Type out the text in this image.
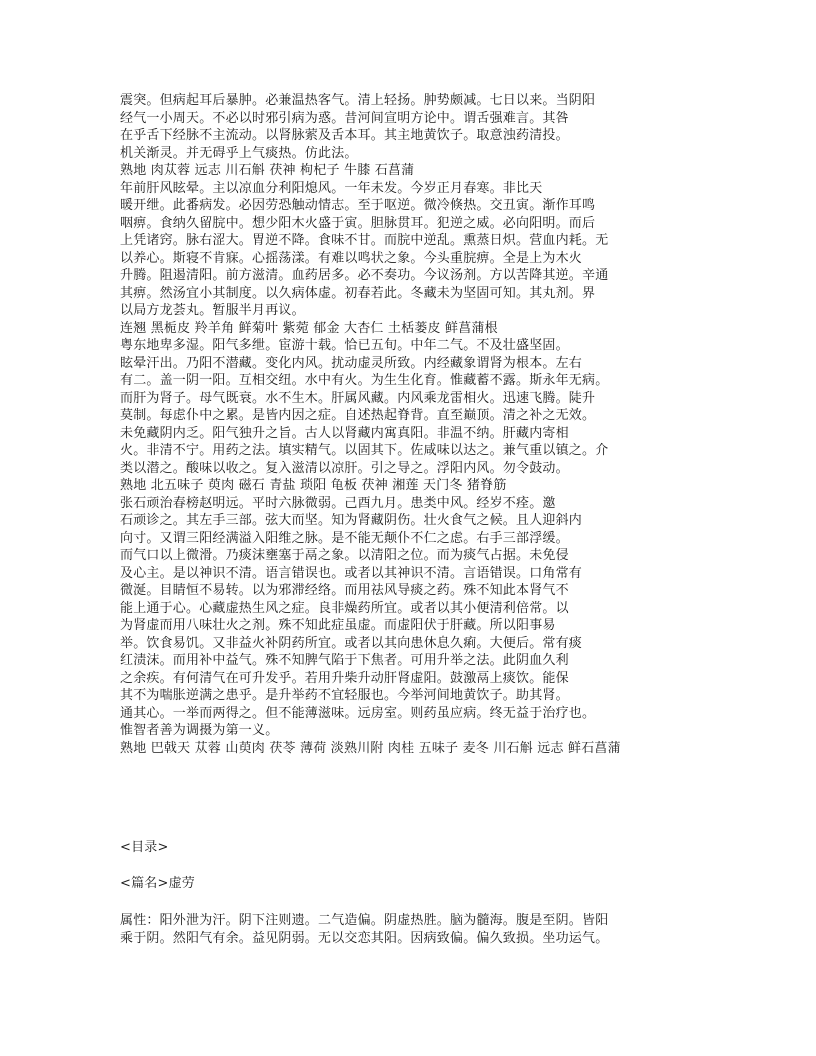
震突。但病起耳后暴肿。必兼温热客气。清上轻扬。肿势颇减。七日以来。当阴阳
经气一小周天。不必以时邪引病为惑。昔河间宣明方论中。谓舌强难言。其咎
在乎舌下经脉不主流动。以肾脉萦及舌本耳。其主地黄饮子。取意浊药清投。
机关渐灵。并无碍乎上气痰热。仿此法。
熟地 肉苁蓉 远志 川石斛 茯神 枸杞子 牛膝 石菖蒲
年前肝风眩晕。主以凉血分利阳熄风。一年未发。今岁正月春寒。非比天
暖开绁。此番病发。必因劳恐触动情志。至于呕逆。微冷倏热。交丑寅。渐作耳鸣
咽痹。食纳久留脘中。想少阳木火盛于寅。胆脉贯耳。犯逆之威。必向阳明。而后
上凭诸窍。脉右涩大。胃逆不降。食味不甘。而脘中逆乱。熏蒸日炽。营血内耗。无
以养心。斯寝不肯寐。心摇荡漾。有难以鸣状之象。今头重脘痹。全是上为木火
升腾。阻遏清阳。前方滋清。血药居多。必不奏功。今议汤剂。方以苦降其逆。辛通
其痹。然汤宜小其制度。以久病体虚。初春若此。冬藏未为坚固可知。其丸剂。界
以局方龙荟丸。暂服半月再议。
连翘 黑栀皮 羚羊角 鲜菊叶 紫菀 郁金 大杏仁 土栝蒌皮 鲜菖蒲根
粤东地卑多湿。阳气多绁。宦游十载。恰已五旬。中年二气。不及壮盛坚固。
眩晕汗出。乃阳不潜藏。变化内风。扰动虚灵所致。内经藏象谓肾为根本。左右
有二。盖一阴一阳。互相交纽。水中有火。为生生化育。惟藏蓄不露。斯永年无病。
而肝为肾子。母气既衰。水不生木。肝属风藏。内风乘龙雷相火。迅速飞腾。陡升
莫制。每虑仆中之累。是皆内因之症。自述热起脊背。直至巅顶。清之补之无效。
未免藏阴内乏。阳气独升之旨。古人以肾藏内寓真阳。非温不纳。肝藏内寄相
火。非清不宁。用药之法。填实精气。以固其下。佐咸味以达之。兼气重以镇之。介
类以潜之。酸味以收之。复入滋清以凉肝。引之导之。浮阳内风。勿令鼓动。
熟地 北五味子 萸肉 磁石 青盐 琐阳 龟板 茯神 湘莲 天门冬 猪脊筋
张石顽治春榜赵明远。平时六脉微弱。己酉九月。患类中风。经岁不痊。邀
石顽诊之。其左手三部。弦大而坚。知为肾藏阴伤。壮火食气之候。且人迎斜内
向寸。又谓三阳经满溢入阳维之脉。是不能无颠仆不仁之虑。右手三部浮缓。
而气口以上微滑。乃痰沫壅塞于鬲之象。以清阳之位。而为痰气占据。未免侵
及心主。是以神识不清。语言错误也。或者以其神识不清。言语错误。口角常有
微涎。目睛恒不易转。以为邪滞经络。而用祛风导痰之药。殊不知此本肾气不
能上通于心。心藏虚热生风之症。良非燥药所宜。或者以其小便清利倍常。以
为肾虚而用八味壮火之剂。殊不知此症虽虚。而虚阳伏于肝藏。所以阳事易
举。饮食易饥。又非益火补阴药所宜。或者以其向患休息久痢。大便后。常有痰
红渍沫。而用补中益气。殊不知脾气陷于下焦者。可用升举之法。此阴血久利
之余疾。有何清气在可升发乎。若用升柴升动肝肾虚阳。鼓激鬲上痰饮。能保
其不为喘胀逆满之患乎。是升举药不宜轻服也。今举河间地黄饮子。助其肾。
通其心。一举而两得之。但不能薄滋味。远房室。则药虽应病。终无益于治疗也。
惟智者善为调摄为第一义。
熟地 巴戟天 苁蓉 山萸肉 茯苓 薄荷 淡熟川附 肉桂 五味子 麦冬 川石斛 远志 鲜石菖蒲
<目录>
<篇名>虚劳
属性：阳外泄为汗。阴下注则遗。二气造偏。阴虚热胜。脑为髓海。腹是至阴。皆阳
乘于阴。然阳气有余。益见阴弱。无以交恋其阳。因病致偏。偏久致损。坐功运气。
